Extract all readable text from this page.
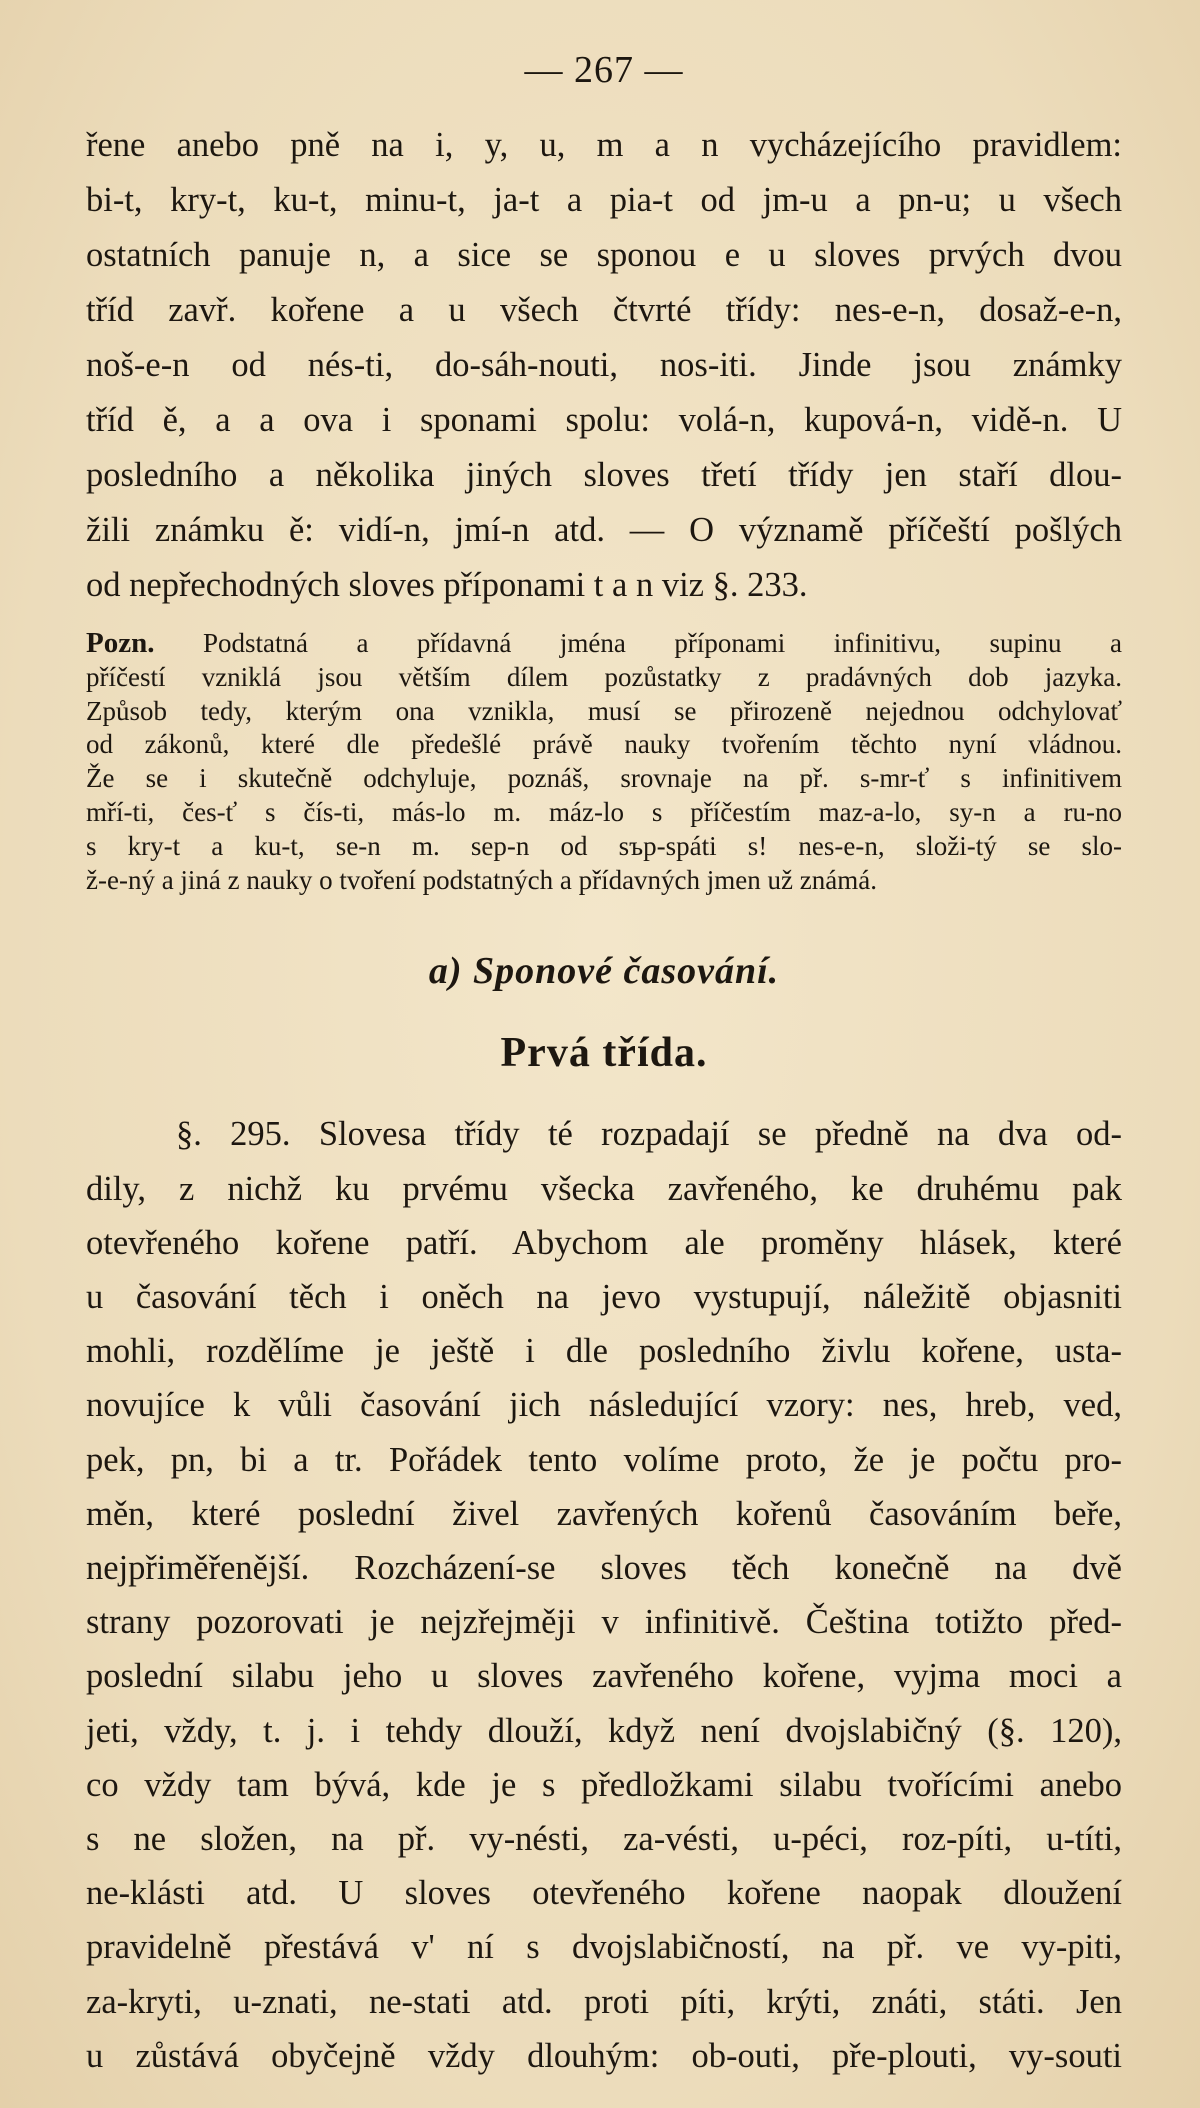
— 267 —

řene anebo pně na i, y, u, m a n vycházejícího pravidlem:

bi-t, kry-t, ku-t, minu-t, ja-t a pia-t od jm-u a pn-u; u všech

ostatních panuje n, a sice se sponou e u sloves prvých dvou

tříd zavř. kořene a u všech čtvrté třídy: nes-e-n, dosaž-e-n,

noš-e-n od nés-ti, do-sáh-nouti, nos-iti. Jinde jsou známky

tříd ě, a a ova i sponami spolu: volá-n, kupová-n, vidě-n. U

posledního a několika jiných sloves třetí třídy jen staří dlou-

žili známku ě: vidí-n, jmí-n atd. — O významě příčeští pošlých

od nepřechodných sloves příponami t a n viz §. 233.

Pozn. Podstatná a přídavná jména příponami infinitivu, supinu a

příčestí vzniklá jsou větším dílem pozůstatky z pradávných dob jazyka.

Způsob tedy, kterým ona vznikla, musí se přirozeně nejednou odchylovať

od zákonů, které dle předešlé právě nauky tvořením těchto nyní vládnou.

Že se i skutečně odchyluje, poznáš, srovnaje na př. s-mr-ť s infinitivem

mří-ti, čes-ť s čís-ti, más-lo m. máz-lo s příčestím maz-a-lo, sy-n a ru-no

s kry-t a ku-t, se-n m. sep-n od sъp-spáti s! nes-e-n, složi-tý se slo-

ž-e-ný a jiná z nauky o tvoření podstatných a přídavných jmen už známá.

a) Sponové časování.
Prvá třída.

§. 295. Slovesa třídy té rozpadají se předně na dva od-

dily, z nichž ku prvému všecka zavřeného, ke druhému pak

otevřeného kořene patří. Abychom ale proměny hlásek, které

u časování těch i oněch na jevo vystupují, náležitě objasniti

mohli, rozdělíme je ještě i dle posledního živlu kořene, usta-

novujíce k vůli časování jich následující vzory: nes, hreb, ved,

pek, pn, bi a tr. Pořádek tento volíme proto, že je počtu pro-

měn, které poslední živel zavřených kořenů časováním beře,

nejpřiměřenější. Rozcházení-se sloves těch konečně na dvě

strany pozorovati je nejzřejměji v infinitivě. Čeština totižto před-

poslední silabu jeho u sloves zavřeného kořene, vyjma moci a

jeti, vždy, t. j. i tehdy dlouží, když není dvojslabičný (§. 120),

co vždy tam bývá, kde je s předložkami silabu tvořícími anebo

s ne složen, na př. vy-nésti, za-vésti, u-péci, roz-píti, u-títi,

ne-klásti atd. U sloves otevřeného kořene naopak dloužení

pravidelně přestává v' ní s dvojslabičností, na př. ve vy-piti,

za-kryti, u-znati, ne-stati atd. proti píti, krýti, znáti, státi. Jen

u zůstává obyčejně vždy dlouhým: ob-outi, pře-plouti, vy-souti
